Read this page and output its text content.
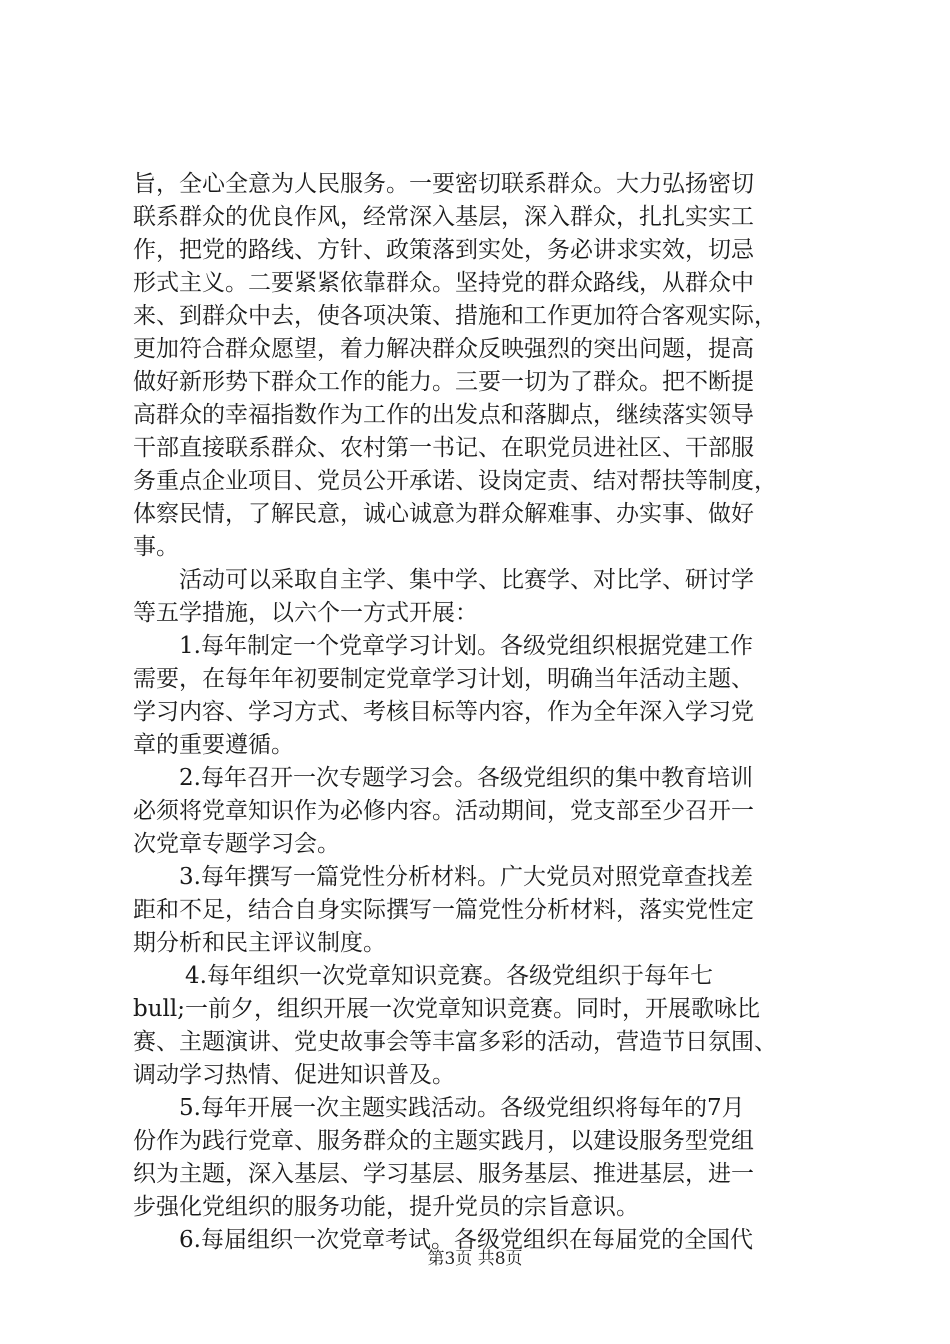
旨，全心全意为人民服务。一要密切联系群众。大力弘扬密切
联系群众的优良作风，经常深入基层，深入群众，扎扎实实工
作，把党的路线、方针、政策落到实处，务必讲求实效，切忌
形式主义。二要紧紧依靠群众。坚持党的群众路线，从群众中
来、到群众中去，使各项决策、措施和工作更加符合客观实际，
更加符合群众愿望，着力解决群众反映强烈的突出问题，提高
做好新形势下群众工作的能力。三要一切为了群众。把不断提
高群众的幸福指数作为工作的出发点和落脚点，继续落实领导
干部直接联系群众、农村第一书记、在职党员进社区、干部服
务重点企业项目、党员公开承诺、设岗定责、结对帮扶等制度，
体察民情，了解民意，诚心诚意为群众解难事、办实事、做好
事。
活动可以采取自主学、集中学、比赛学、对比学、研讨学
等五学措施，以六个一方式开展：
1.每年制定一个党章学习计划。各级党组织根据党建工作
需要，在每年年初要制定党章学习计划，明确当年活动主题、
学习内容、学习方式、考核目标等内容，作为全年深入学习党
章的重要遵循。
2.每年召开一次专题学习会。各级党组织的集中教育培训
必须将党章知识作为必修内容。活动期间，党支部至少召开一
次党章专题学习会。
3.每年撰写一篇党性分析材料。广大党员对照党章查找差
距和不足，结合自身实际撰写一篇党性分析材料，落实党性定
期分析和民主评议制度。
4.每年组织一次党章知识竞赛。各级党组织于每年七
bull;一前夕，组织开展一次党章知识竞赛。同时，开展歌咏比
赛、主题演讲、党史故事会等丰富多彩的活动，营造节日氛围、
调动学习热情、促进知识普及。
5.每年开展一次主题实践活动。各级党组织将每年的7月
份作为践行党章、服务群众的主题实践月，以建设服务型党组
织为主题，深入基层、学习基层、服务基层、推进基层，进一
步强化党组织的服务功能，提升党员的宗旨意识。
6.每届组织一次党章考试。各级党组织在每届党的全国代
第3页 共8页
